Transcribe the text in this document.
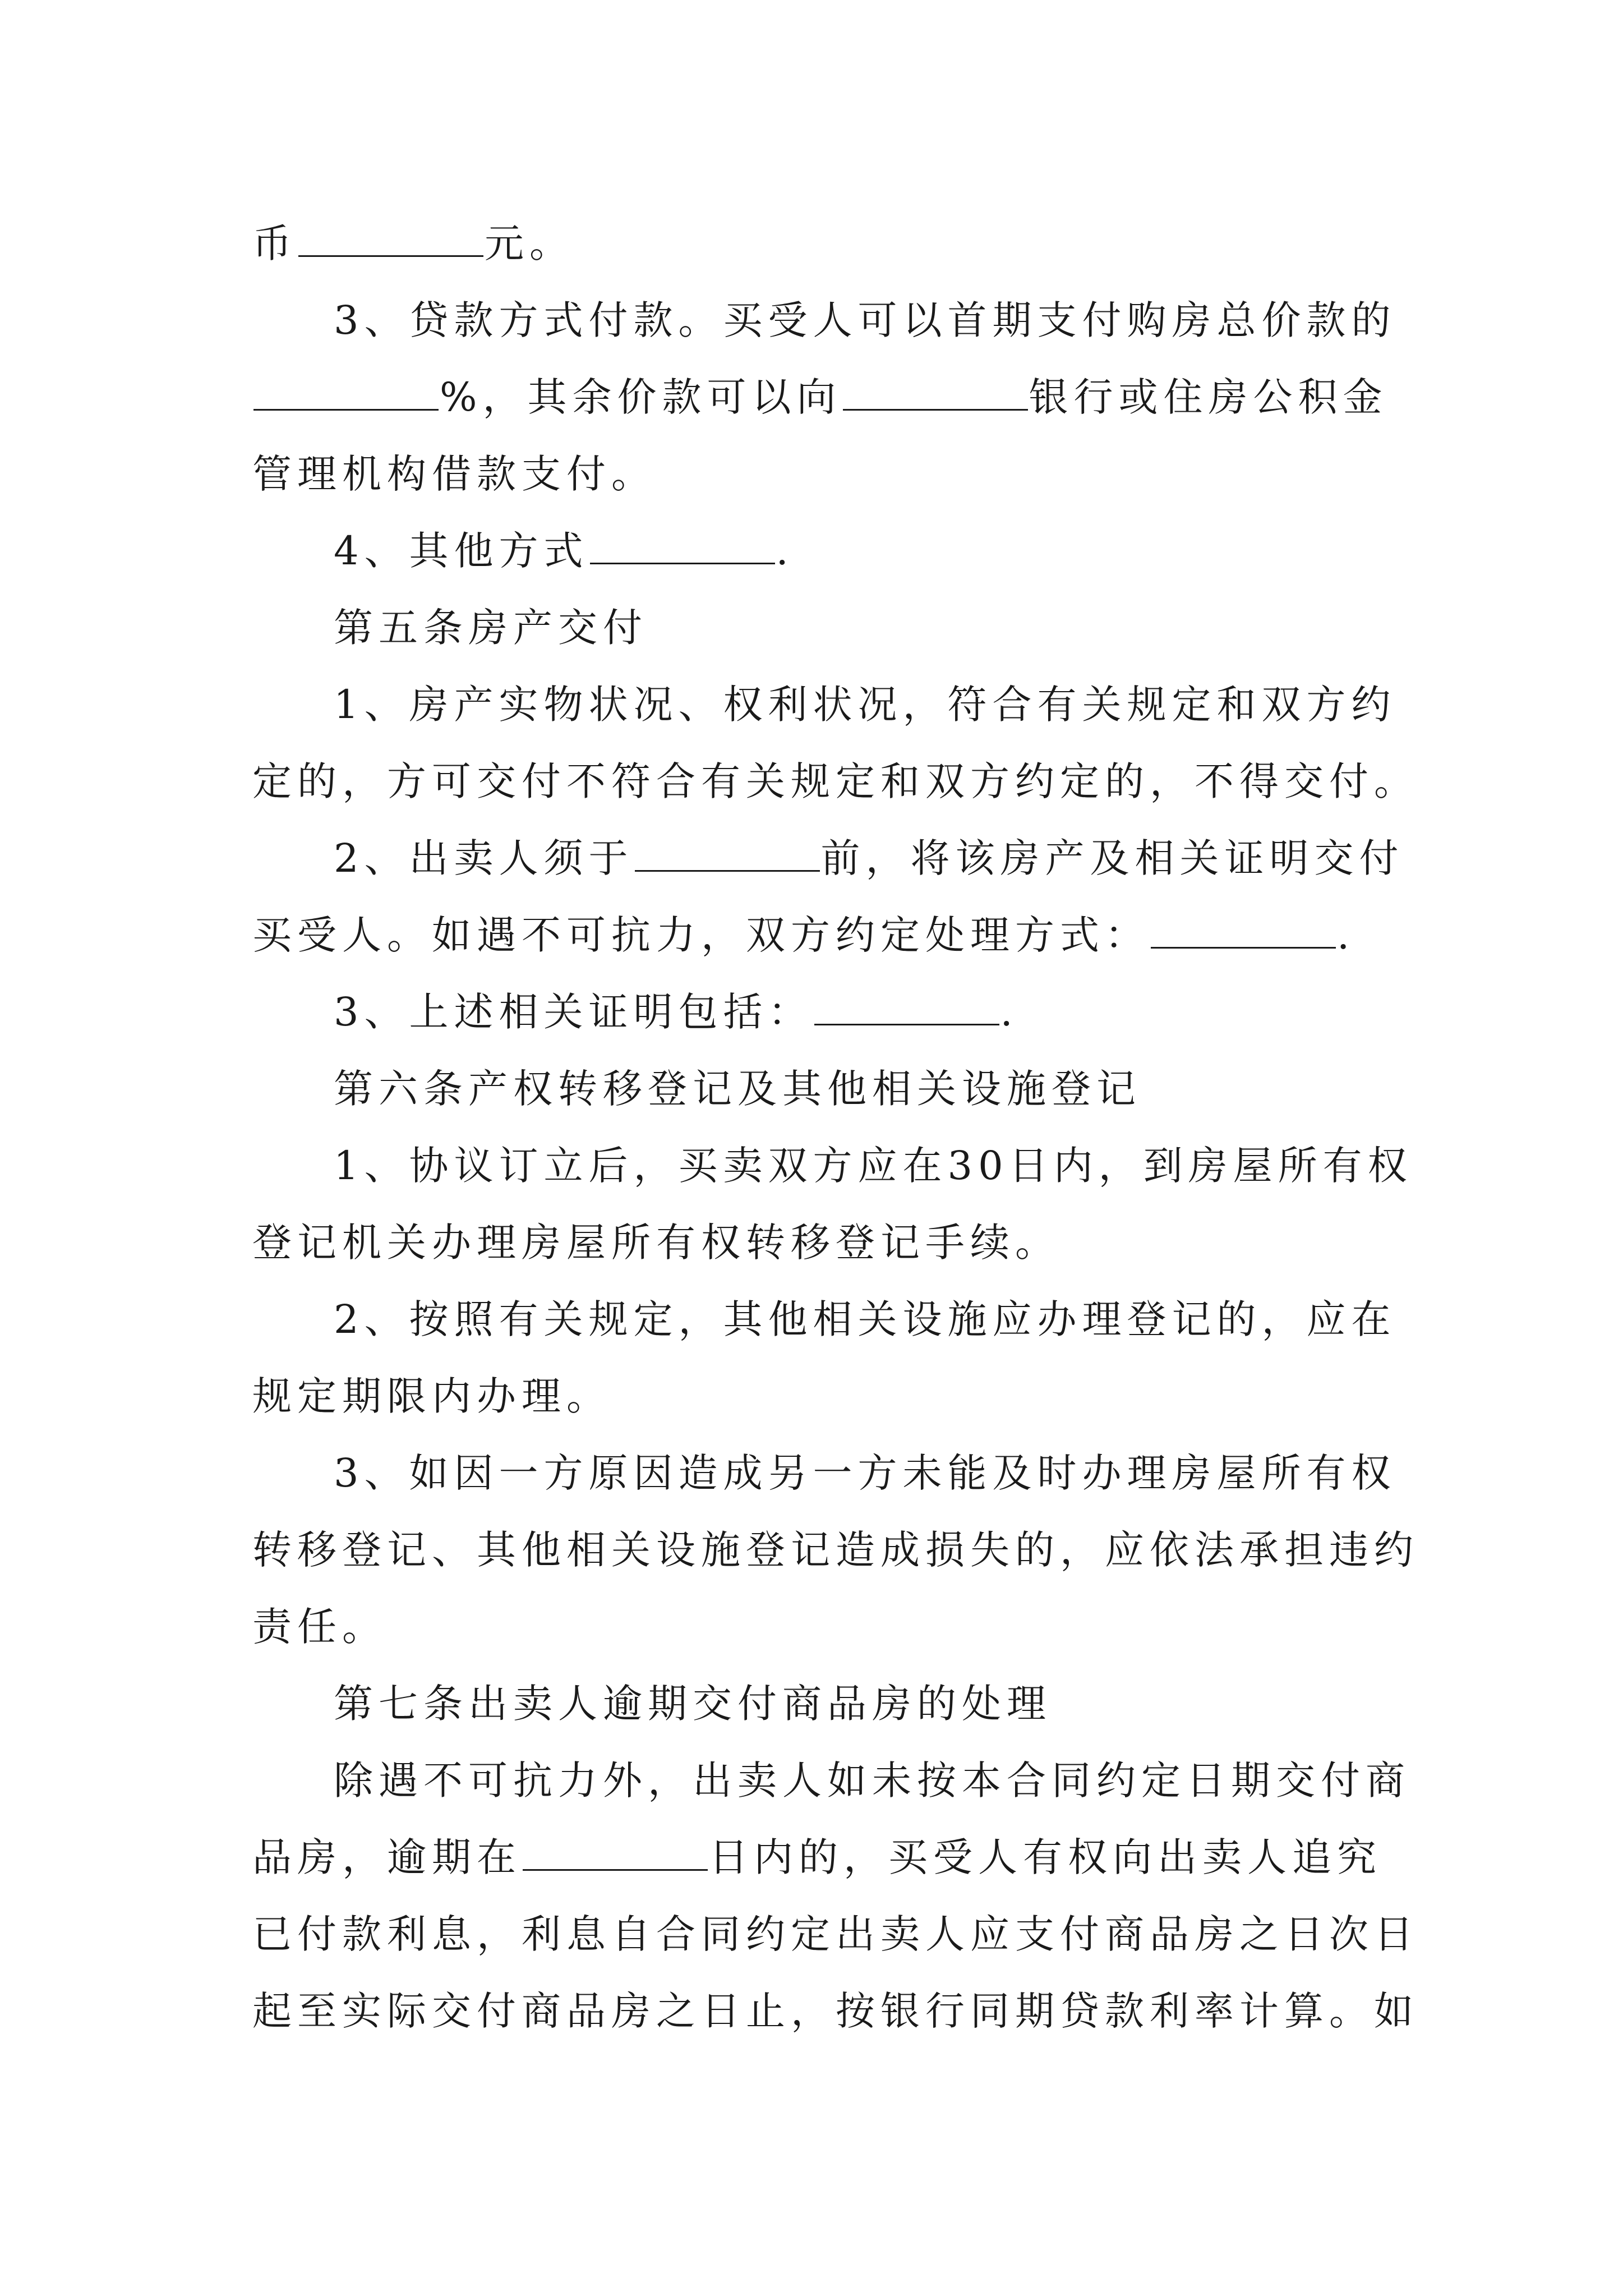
币	元。
3、贷款方式付款。买受人可以首期支付购房总价款的
%，其余价款可以向	银行或住房公积金
管理机构借款支付。
4、其他方式	.
第五条房产交付
1、房产实物状况、权利状况，符合有关规定和双方约
定的，方可交付不符合有关规定和双方约定的，不得交付。
2、出卖人须于	前，将该房产及相关证明交付
买受人。如遇不可抗力，双方约定处理方式：	.
3、上述相关证明包括：	.
第六条产权转移登记及其他相关设施登记
1、协议订立后，买卖双方应在30日内，到房屋所有权
登记机关办理房屋所有权转移登记手续。
2、按照有关规定，其他相关设施应办理登记的，应在
规定期限内办理。
3、如因一方原因造成另一方未能及时办理房屋所有权
转移登记、其他相关设施登记造成损失的，应依法承担违约
责任。
第七条出卖人逾期交付商品房的处理
除遇不可抗力外，出卖人如未按本合同约定日期交付商
品房，逾期在	日内的，买受人有权向出卖人追究
已付款利息，利息自合同约定出卖人应支付商品房之日次日
起至实际交付商品房之日止，按银行同期贷款利率计算。如
